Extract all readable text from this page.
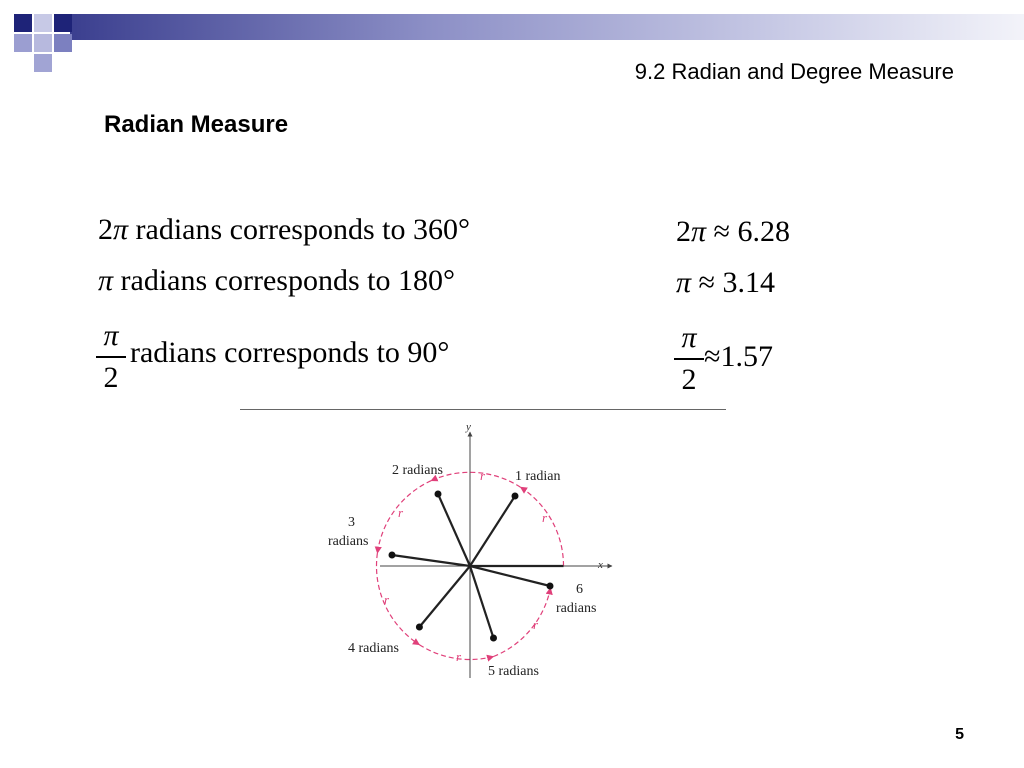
9.2 Radian and Degree Measure
Radian Measure
2π radians corresponds to 360°
π radians corresponds to 180°
π
2
radians corresponds to 90°
2π ≈ 6.28
π ≈ 3.14
π
2
≈1.57
x
y
r
r
r
r
r
r
1 radian
2 radians
3
radians
4 radians
5 radians
6
radians
5
